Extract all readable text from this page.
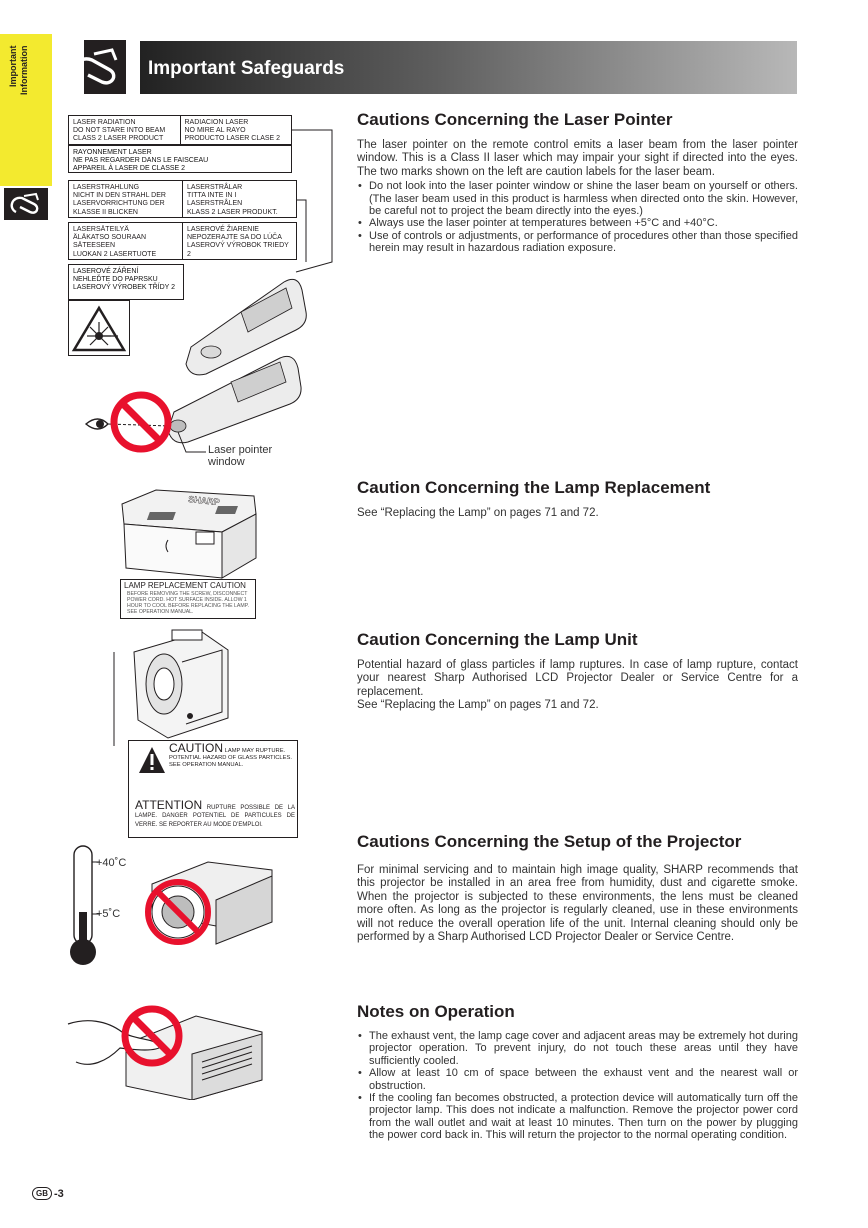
Important Information	Important Safeguards
LASER RADIATION
DO NOT STARE INTO BEAM
CLASS 2 LASER PRODUCT
RADIACION LASER
NO MIRE AL RAYO
PRODUCTO LASER CLASE 2
RAYONNEMENT LASER
NE PAS REGARDER DANS LE FAISCEAU
APPAREIL À LASER DE CLASSE 2
LASERSTRAHLUNG
NICHT IN DEN STRAHL DER
LASERVORRICHTUNG DER
KLASSE II BLICKEN
LASERSTRÅLAR
TITTA INTE IN I
LASERSTRÅLEN
KLASS 2 LASER PRODUKT.
LASERSÄTEILYÄ
ÄLÄKATSO SOURAAN
SÄTEESEEN
LUOKAN 2 LASERTUOTE
LASEROVÉ ŽIARENIE
NEPOZERAJTE SA DO LÚČA
LASEROVÝ VÝROBOK TRIEDY 2
LASEROVÉ ZÁŘENÍ
NEHLEĎTE DO PAPRSKU
LASEROVÝ VÝROBEK TŘÍDY 2
Laser pointer
window
SHARP
LAMP REPLACEMENT CAUTION
BEFORE REMOVING THE SCREW, DISCONNECT POWER CORD. HOT SURFACE INSIDE. ALLOW 1 HOUR TO COOL BEFORE REPLACING THE LAMP. SEE OPERATION MANUAL.
CAUTION LAMP MAY RUPTURE. POTENTIAL HAZARD OF GLASS PARTICLES. SEE OPERATION MANUAL.
ATTENTION RUPTURE POSSIBLE DE LA LAMPE. DANGER POTENTIEL DE PARTICULES DE VERRE. SE REPORTER AU MODE D'EMPLOI.
+40˚C
+5˚C
Cautions Concerning the Laser Pointer

The laser pointer on the remote control emits a laser beam from the laser pointer window. This is a Class II laser which may impair your sight if directed into the eyes. The two marks shown on the left are caution labels for the laser beam.

• Do not look into the laser pointer window or shine the laser beam on yourself or others. (The laser beam used in this product is harmless when directed onto the skin. However, be careful not to project the beam directly into the eyes.)
• Always use the laser pointer at temperatures between +5°C and +40°C.
• Use of controls or adjustments, or performance of procedures other than those specified herein may result in hazardous radiation exposure.
Caution Concerning the Lamp Replacement

See “Replacing the Lamp” on pages 71 and 72.

Caution Concerning the Lamp Unit

Potential hazard of glass particles if lamp ruptures. In case of lamp rupture, contact your nearest Sharp Authorised LCD Projector Dealer or Service Centre for a replacement.

See “Replacing the Lamp” on pages 71 and 72.

Cautions Concerning the Setup of the Projector

For minimal servicing and to maintain high image quality, SHARP recommends that this projector be installed in an area free from humidity, dust and cigarette smoke. When the projector is subjected to these environments, the lens must be cleaned more often. As long as the projector is regularly cleaned, use in these environments will not reduce the overall operation life of the unit. Internal cleaning should only be performed by a Sharp Authorised LCD Projector Dealer or Service Centre.

Notes on Operation
• The exhaust vent, the lamp cage cover and adjacent areas may be extremely hot during projector operation. To prevent injury, do not touch these areas until they have sufficiently cooled.
• Allow at least 10 cm of space between the exhaust vent and the nearest wall or obstruction.
• If the cooling fan becomes obstructed, a protection device will automatically turn off the projector lamp. This does not indicate a malfunction. Remove the projector power cord from the wall outlet and wait at least 10 minutes. Then turn on the power by plugging the power cord back in. This will return the projector to the normal operating condition.
GB -3
